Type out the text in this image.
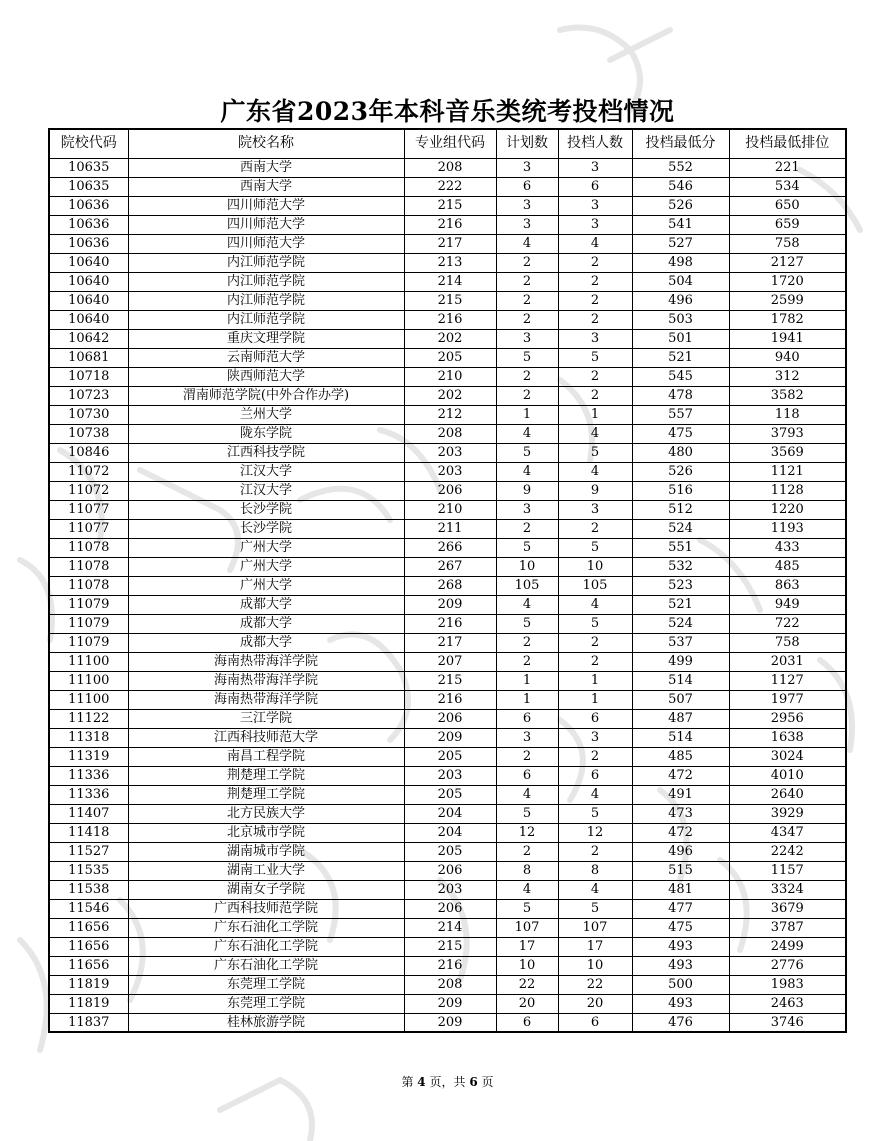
广东省2023年本科音乐类统考投档情况
院校代码	院校名称	专业组代码	计划数	投档人数	投档最低分	投档最低排位
10635	西南大学	208	3	3	552	221
10635	西南大学	222	6	6	546	534
10636	四川师范大学	215	3	3	526	650
10636	四川师范大学	216	3	3	541	659
10636	四川师范大学	217	4	4	527	758
10640	内江师范学院	213	2	2	498	2127
10640	内江师范学院	214	2	2	504	1720
10640	内江师范学院	215	2	2	496	2599
10640	内江师范学院	216	2	2	503	1782
10642	重庆文理学院	202	3	3	501	1941
10681	云南师范大学	205	5	5	521	940
10718	陕西师范大学	210	2	2	545	312
10723	渭南师范学院(中外合作办学)	202	2	2	478	3582
10730	兰州大学	212	1	1	557	118
10738	陇东学院	208	4	4	475	3793
10846	江西科技学院	203	5	5	480	3569
11072	江汉大学	203	4	4	526	1121
11072	江汉大学	206	9	9	516	1128
11077	长沙学院	210	3	3	512	1220
11077	长沙学院	211	2	2	524	1193
11078	广州大学	266	5	5	551	433
11078	广州大学	267	10	10	532	485
11078	广州大学	268	105	105	523	863
11079	成都大学	209	4	4	521	949
11079	成都大学	216	5	5	524	722
11079	成都大学	217	2	2	537	758
11100	海南热带海洋学院	207	2	2	499	2031
11100	海南热带海洋学院	215	1	1	514	1127
11100	海南热带海洋学院	216	1	1	507	1977
11122	三江学院	206	6	6	487	2956
11318	江西科技师范大学	209	3	3	514	1638
11319	南昌工程学院	205	2	2	485	3024
11336	荆楚理工学院	203	6	6	472	4010
11336	荆楚理工学院	205	4	4	491	2640
11407	北方民族大学	204	5	5	473	3929
11418	北京城市学院	204	12	12	472	4347
11527	湖南城市学院	205	2	2	496	2242
11535	湖南工业大学	206	8	8	515	1157
11538	湖南女子学院	203	4	4	481	3324
11546	广西科技师范学院	206	5	5	477	3679
11656	广东石油化工学院	214	107	107	475	3787
11656	广东石油化工学院	215	17	17	493	2499
11656	广东石油化工学院	216	10	10	493	2776
11819	东莞理工学院	208	22	22	500	1983
11819	东莞理工学院	209	20	20	493	2463
11837	桂林旅游学院	209	6	6	476	3746
第 4 页，共 6 页
